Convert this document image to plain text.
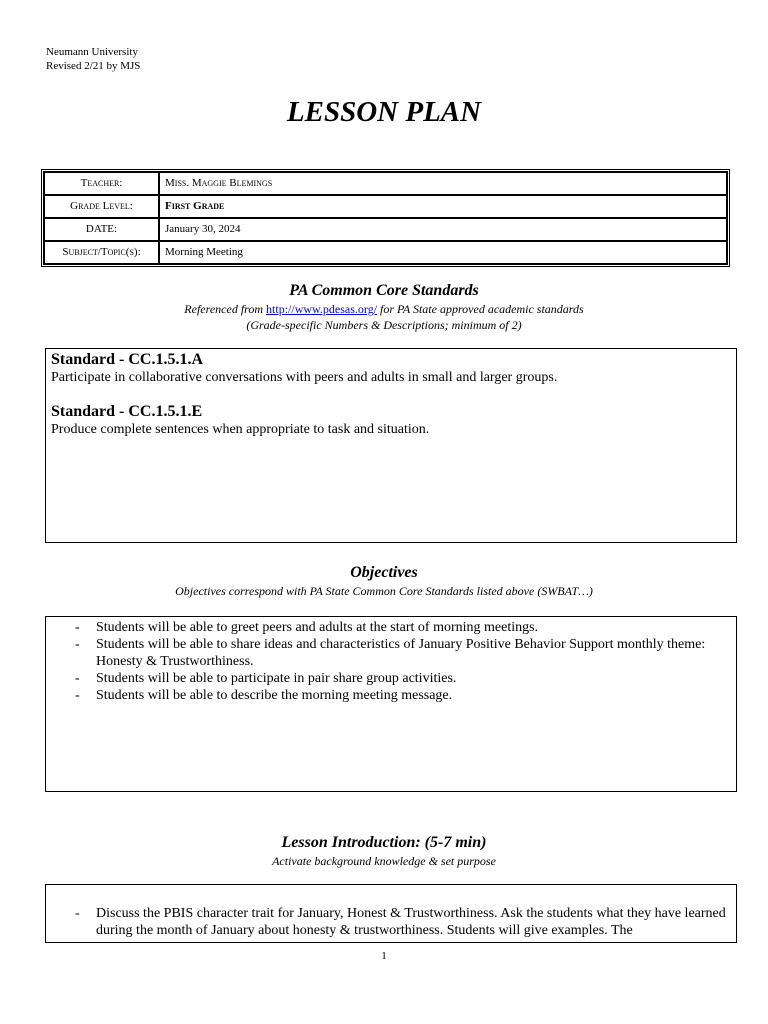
Neumann University
Revised 2/21 by MJS
LESSON PLAN
Teacher:	Miss. Maggie Blemings
Grade Level:	First Grade
DATE:	January 30, 2024
Subject/Topic(s):	Morning Meeting
PA Common Core Standards
Referenced from http://www.pdesas.org/ for PA State approved academic standards
(Grade-specific Numbers & Descriptions; minimum of 2)

Standard - CC.1.5.1.A

Participate in collaborative conversations with peers and adults in small and larger groups.

Standard - CC.1.5.1.E

Produce complete sentences when appropriate to task and situation.

Objectives
Objectives correspond with PA State Common Core Standards listed above (SWBAT…)
- Students will be able to greet peers and adults at the start of morning meetings.
- Students will be able to share ideas and characteristics of January Positive Behavior Support monthly theme: Honesty & Trustworthiness.
- Students will be able to participate in pair share group activities.
- Students will be able to describe the morning meeting message.
Lesson Introduction: (5-7 min)
Activate background knowledge & set purpose
- Discuss the PBIS character trait for January, Honest & Trustworthiness. Ask the students what they have learned during the month of January about honesty & trustworthiness. Students will give examples. The
1
